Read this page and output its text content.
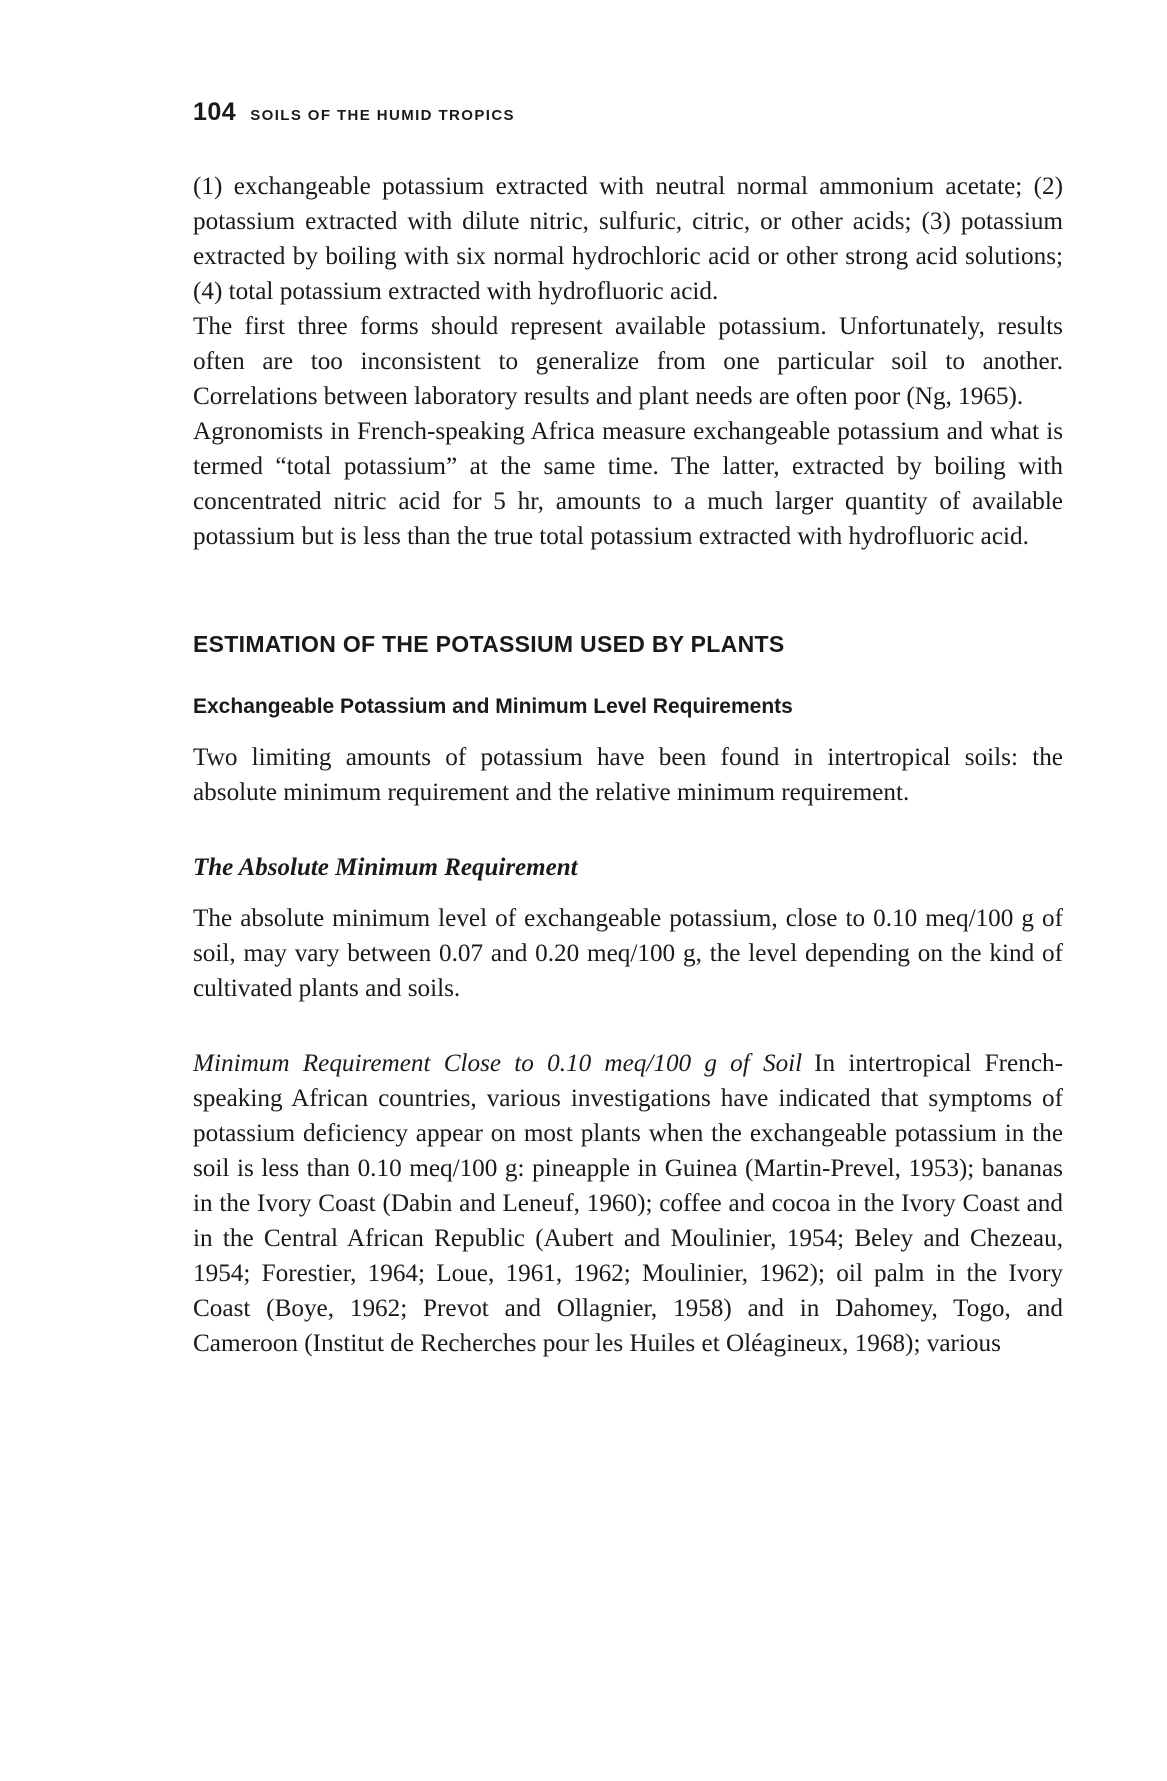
104 SOILS OF THE HUMID TROPICS

(1) exchangeable potassium extracted with neutral normal ammonium acetate; (2) potassium extracted with dilute nitric, sulfuric, citric, or other acids; (3) potassium extracted by boiling with six normal hydrochloric acid or other strong acid solutions; (4) total potassium extracted with hydrofluoric acid.

The first three forms should represent available potassium. Unfortunately, results often are too inconsistent to generalize from one particular soil to another. Correlations between laboratory results and plant needs are often poor (Ng, 1965).

Agronomists in French-speaking Africa measure exchangeable potassium and what is termed “total potassium” at the same time. The latter, extracted by boiling with concentrated nitric acid for 5 hr, amounts to a much larger quantity of available potassium but is less than the true total potassium extracted with hydrofluoric acid.

ESTIMATION OF THE POTASSIUM USED BY PLANTS
Exchangeable Potassium and Minimum Level Requirements

Two limiting amounts of potassium have been found in intertropical soils: the absolute minimum requirement and the relative minimum requirement.

The Absolute Minimum Requirement

The absolute minimum level of exchangeable potassium, close to 0.10 meq/100 g of soil, may vary between 0.07 and 0.20 meq/100 g, the level depending on the kind of cultivated plants and soils.

Minimum Requirement Close to 0.10 meq/100 g of Soil In intertropical French-speaking African countries, various investigations have indicated that symptoms of potassium deficiency appear on most plants when the exchangeable potassium in the soil is less than 0.10 meq/100 g: pineapple in Guinea (Martin-Prevel, 1953); bananas in the Ivory Coast (Dabin and Leneuf, 1960); coffee and cocoa in the Ivory Coast and in the Central African Republic (Aubert and Moulinier, 1954; Beley and Chezeau, 1954; Forestier, 1964; Loue, 1961, 1962; Moulinier, 1962); oil palm in the Ivory Coast (Boye, 1962; Prevot and Ollagnier, 1958) and in Dahomey, Togo, and Cameroon (Institut de Recherches pour les Huiles et Oléagineux, 1968); various
